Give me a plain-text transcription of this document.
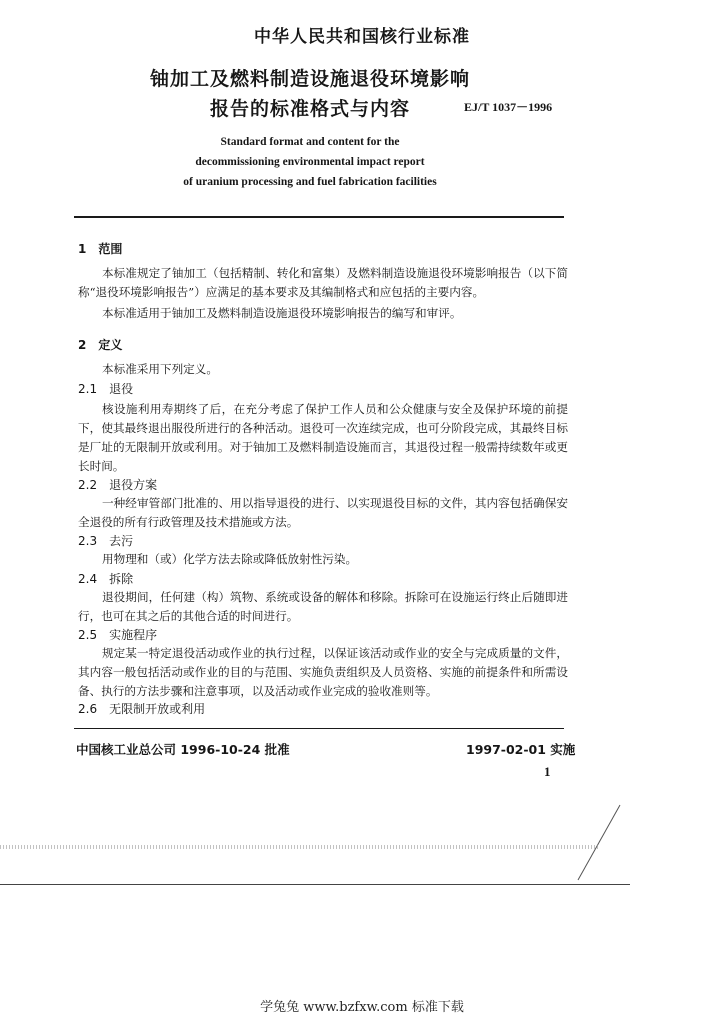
中华人民共和国核行业标准
铀加工及燃料制造设施退役环境影响
报告的标准格式与内容	EJ/T 1037－1996
Standard format and content for the
decommissioning environmental impact report
of uranium processing and fuel fabrication facilities
1　范围
本标准规定了铀加工（包括精制、转化和富集）及燃料制造设施退役环境影响报告（以下简称“退役环境影响报告”）应满足的基本要求及其编制格式和应包括的主要内容。
本标准适用于铀加工及燃料制造设施退役环境影响报告的编写和审评。
2　定义
本标准采用下列定义。
2.1　退役
核设施利用寿期终了后，在充分考虑了保护工作人员和公众健康与安全及保护环境的前提下，使其最终退出服役所进行的各种活动。退役可一次连续完成，也可分阶段完成，其最终目标是厂址的无限制开放或利用。对于铀加工及燃料制造设施而言，其退役过程一般需持续数年或更长时间。
2.2　退役方案
一种经审管部门批准的、用以指导退役的进行、以实现退役目标的文件，其内容包括确保安全退役的所有行政管理及技术措施或方法。
2.3　去污
用物理和（或）化学方法去除或降低放射性污染。
2.4　拆除
退役期间，任何建（构）筑物、系统或设备的解体和移除。拆除可在设施运行终止后随即进行，也可在其之后的其他合适的时间进行。
2.5　实施程序
规定某一特定退役活动或作业的执行过程，以保证该活动或作业的安全与完成质量的文件，其内容一般包括活动或作业的目的与范围、实施负责组织及人员资格、实施的前提条件和所需设备、执行的方法步骤和注意事项，以及活动或作业完成的验收准则等。
2.6　无限制开放或利用
中国核工业总公司 1996-10-24 批准	1997-02-01 实施
1
学兔兔 www.bzfxw.com 标准下载
